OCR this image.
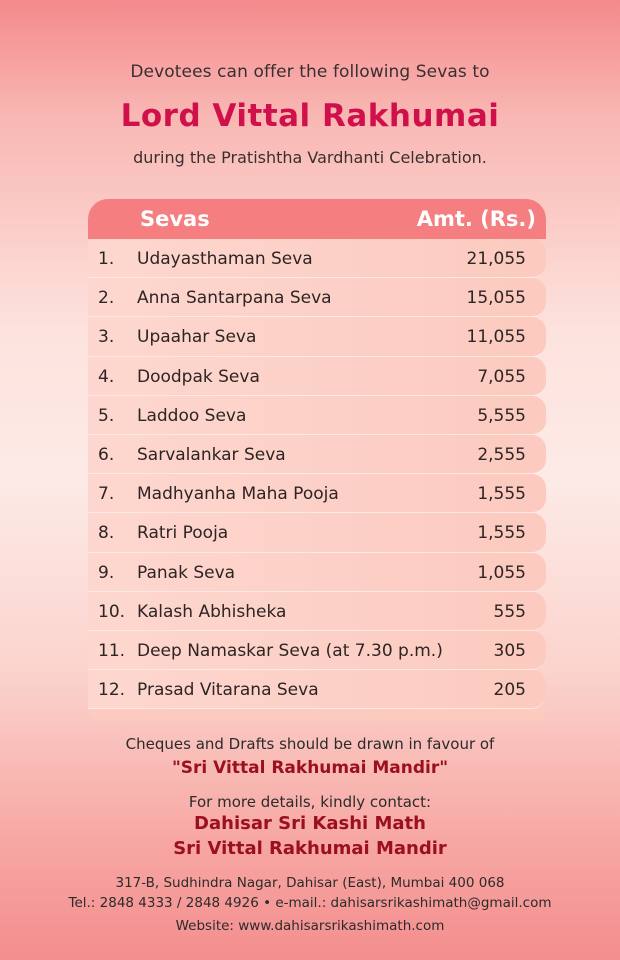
Devotees can offer the following Sevas to
Lord Vittal Rakhumai
during the Pratishtha Vardhanti Celebration.
Sevas	Amt. (Rs.)
1. Udayasthaman Seva	21,055
2. Anna Santarpana Seva	15,055
3. Upaahar Seva	11,055
4. Doodpak Seva	7,055
5. Laddoo Seva	5,555
6. Sarvalankar Seva	2,555
7. Madhyanha Maha Pooja	1,555
8. Ratri Pooja	1,555
9. Panak Seva	1,055
10. Kalash Abhisheka	555
11. Deep Namaskar Seva (at 7.30 p.m.)	305
12. Prasad Vitarana Seva	205
Cheques and Drafts should be drawn in favour of
"Sri Vittal Rakhumai Mandir"
For more details, kindly contact:
Dahisar Sri Kashi Math
Sri Vittal Rakhumai Mandir
317-B, Sudhindra Nagar, Dahisar (East), Mumbai 400 068
Tel.: 2848 4333 / 2848 4926 • e-mail.: dahisarsrikashimath@gmail.com
Website: www.dahisarsrikashimath.com
